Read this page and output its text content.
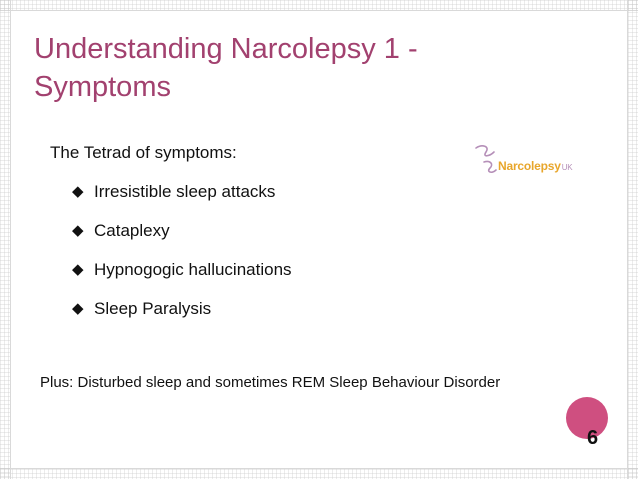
Understanding Narcolepsy 1 - Symptoms
NarcolepsyUK

The Tetrad of symptoms:

◆ Irresistible sleep attacks
◆ Cataplexy
◆ Hypnogogic hallucinations
◆ Sleep Paralysis

Plus: Disturbed sleep and sometimes REM Sleep Behaviour Disorder

6
